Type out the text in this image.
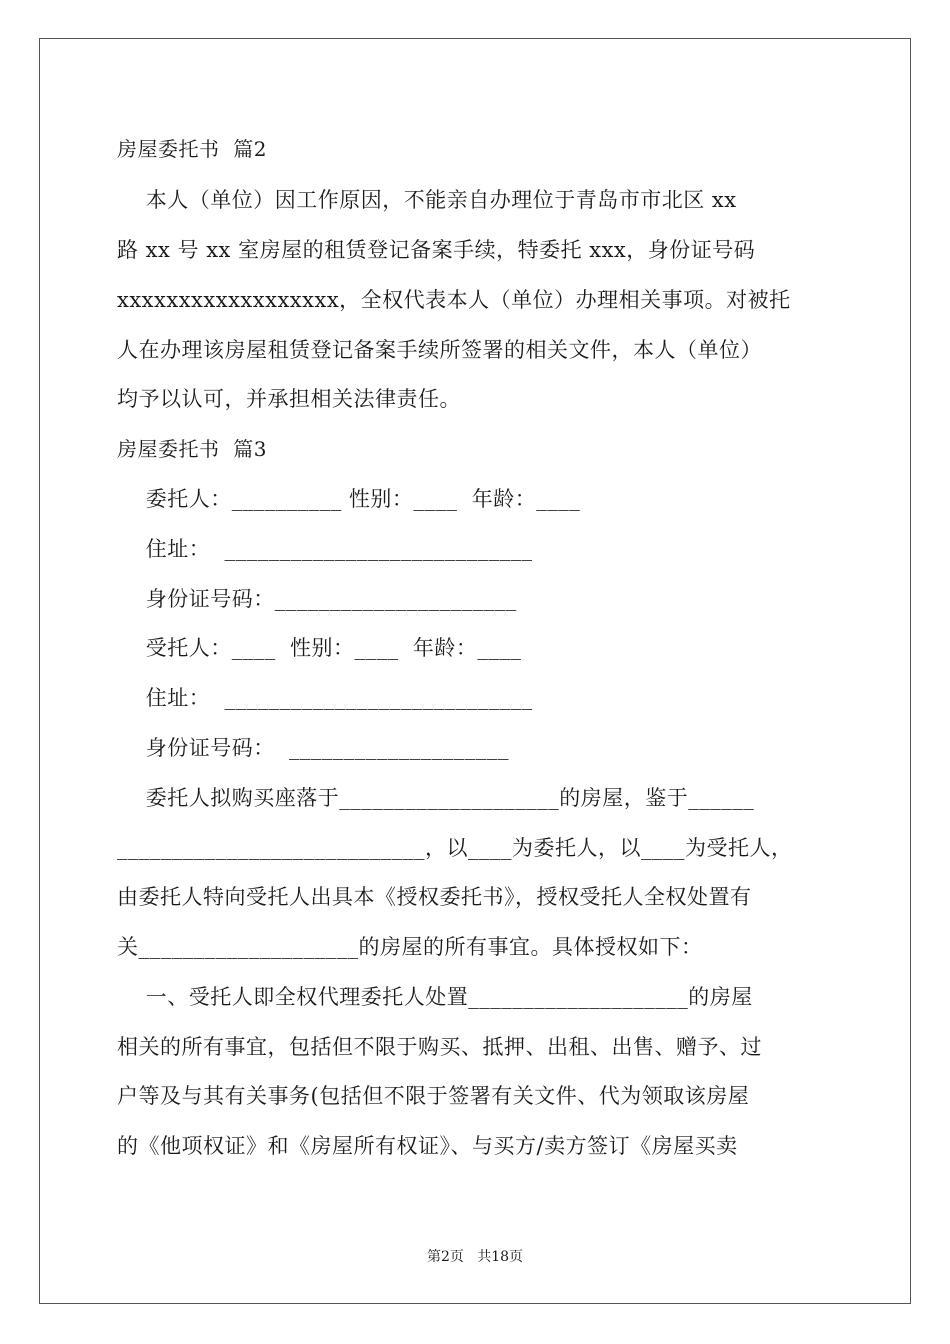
房屋委托书  篇2
本人（单位）因工作原因，不能亲自办理位于青岛市市北区 xx
路 xx 号 xx 室房屋的租赁登记备案手续，特委托 xxx，身份证号码
xxxxxxxxxxxxxxxxxx，全权代表本人（单位）办理相关事项。对被托
人在办理该房屋租赁登记备案手续所签署的相关文件，本人（单位）
均予以认可，并承担相关法律责任。
房屋委托书  篇3
委托人：__________ 性别：____  年龄：____
住址：  ____________________________
身份证号码：______________________
受托人：____  性别：____  年龄：____
住址：  ____________________________
身份证号码：  ____________________
委托人拟购买座落于____________________的房屋，鉴于______
____________________________，以____为委托人，以____为受托人，
由委托人特向受托人出具本《授权委托书》，授权受托人全权处置有
关____________________的房屋的所有事宜。具体授权如下：
一、受托人即全权代理委托人处置____________________的房屋
相关的所有事宜，包括但不限于购买、抵押、出租、出售、赠予、过
户等及与其有关事务(包括但不限于签署有关文件、代为领取该房屋
的《他项权证》和《房屋所有权证》、与买方/卖方签订《房屋买卖
第2页   共18页
